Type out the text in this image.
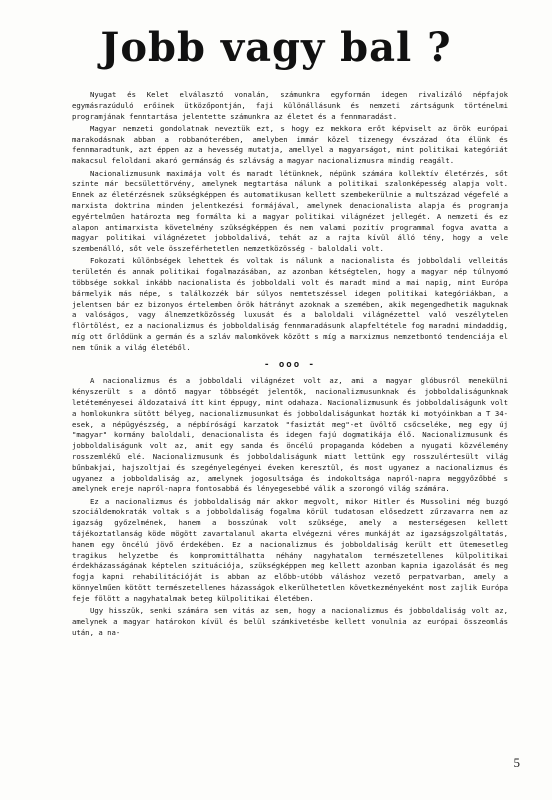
Jobb vagy bal ?

Nyugat és Kelet elválasztó vonalán, számunkra egyformán idegen rivalizáló népfajok egymásrazúduló erőinek ütközőpontján, faji különállásunk és nemzeti zártságunk történelmi programjának fenntartása jelentette számunkra az életet és a fennmaradást.

Magyar nemzeti gondolatnak neveztük ezt, s hogy ez mekkora erőt képviselt az örök európai marakodásnak abban a robbanóterében, amelyben immár közel tizenegy évszázad óta élünk és fennmaradtunk, azt éppen az a hevesség mutatja, amellyel a magyarságot, mint politikai kategóriát makacsul feloldani akaró germánság és szlávság a magyar nacionalizmusra mindig reagált.

Nacionalizmusunk maximája volt és maradt létünknek, népünk számára kollektív életérzés, sőt szinte már becsülettörvény, amelynek megtartása nálunk a politikai szalonképesség alapja volt. Ennek az életérzésnek szükségképpen és automatikusan kellett szembekerülnie a multszázad végefelé a marxista doktrina minden jelentkezési formájával, amelynek denacionalista alapja és programja egyértelműen határozta meg formálta ki a magyar politikai világnézet jellegét. A nemzeti és ez alapon antimarxista követelmény szükségképpen és nem valami pozitív programmal fogva avatta a magyar politikai világnézetet jobboldalivá, tehát az a rajta kívül álló tény, hogy a vele szembenálló, sőt vele összeférhetetlen nemzetközösség - baloldali volt.

Fokozati különbségek lehettek és voltak is nálunk a nacionalista és jobboldali velleitás területén és annak politikai fogalmazásában, az azonban kétségtelen, hogy a magyar nép túlnyomó többsége sokkal inkább nacionalista és jobboldali volt és maradt mind a mai napig, mint Európa bármelyik más népe, s találkozzék bár súlyos nemtetszéssel idegen politikai kategóriákban, a jelentsen bár ez bizonyos értelemben örök hátrányt azoknak a szemében, akik megengedhetik maguknak a valóságos, vagy álnemzetközösség luxusát és a baloldali világnézettel való veszélytelen flörtölést, ez a nacionalizmus és jobboldaliság fennmaradásunk alapfeltétele fog maradni mindaddig, míg ott őrlődünk a germán és a szláv malomkövek között s míg a marxizmus nemzetbontó tendenciája el nem tűnik a világ életéből.

- ooo -

A nacionalizmus és a jobboldali világnézet volt az, ami a magyar glóbusról menekülni kényszerült s a döntő magyar többségét jelentők, nacionalizmusunknak és jobboldaliságunknak letéteményesei áldozataivá ítt kint éppugy, mint odahaza. Nacionalizmusunk és jobboldaliságunk volt a homlokunkra sütött bélyeg, nacionalizmusunkat és jobboldaliságunkat hozták ki motyóinkban a T 34-esek, a népügyészség, a népbíróságí karzatok "fasiztát meg"-et üvöltő csőcseléke, meg egy új "magyar" kormány baloldali, denacionalista és idegen fajú dogmatikája élő. Nacionalizmusunk és jobboldaliságunk volt az, amit egy sanda és öncélú propaganda kódeben a nyugati közvélemény rosszemlékű elé. Nacionalizmusunk és jobboldaliságunk miatt lettünk egy rosszulértesült világ bűnbakjai, hajszoltjai és szegényelegényei éveken keresztül, és most ugyanez a nacionalizmus és ugyanez a jobboldaliság az, amelynek jogosultsága és indokoltsága napról-napra meggyőzőbbé s amelynek ereje napról-napra fontosabbá és lényegesebbé válik a szorongó világ számára.

Ez a nacionalizmus és jobboldaliság már akkor megvolt, mikor Hitler és Mussolini még buzgó szociáldemokraták voltak s a jobboldaliság fogalma körül tudatosan elősedzett zűrzavarra nem az igazság győzelmének, hanem a bosszúnak volt szüksége, amely a mesterségesen kellett tájékoztatlanság köde mögött zavartalanul akarta elvégezni véres munkáját az igazságszolgáltatás, hanem egy öncélú jövő érdekében. Ez a nacionalizmus és jobboldaliság került ett ütemesetleg tragikus helyzetbe és kompromittálhatta néhány nagyhatalom természetellenes külpolitikai érdekházasságának képtelen szituációja, szükségképpen meg kellett azonban kapnia igazolását és meg fogja kapni rehabilitációját is abban az előbb-utóbb váláshoz vezető perpatvarban, amely a könnyelműen kötött természetellenes házasságok elkerülhetetlen következményeként most zajlik Európa feje fölött a nagyhatalmak beteg külpolitikai életében.

Ugy hisszük, senki számára sem vitás az sem, hogy a nacionalizmus és jobboldaliság volt az, amelynek a magyar határokon kívül és belül számkivetésbe kellett vonulnia az európai összeomlás után, a na-

5
